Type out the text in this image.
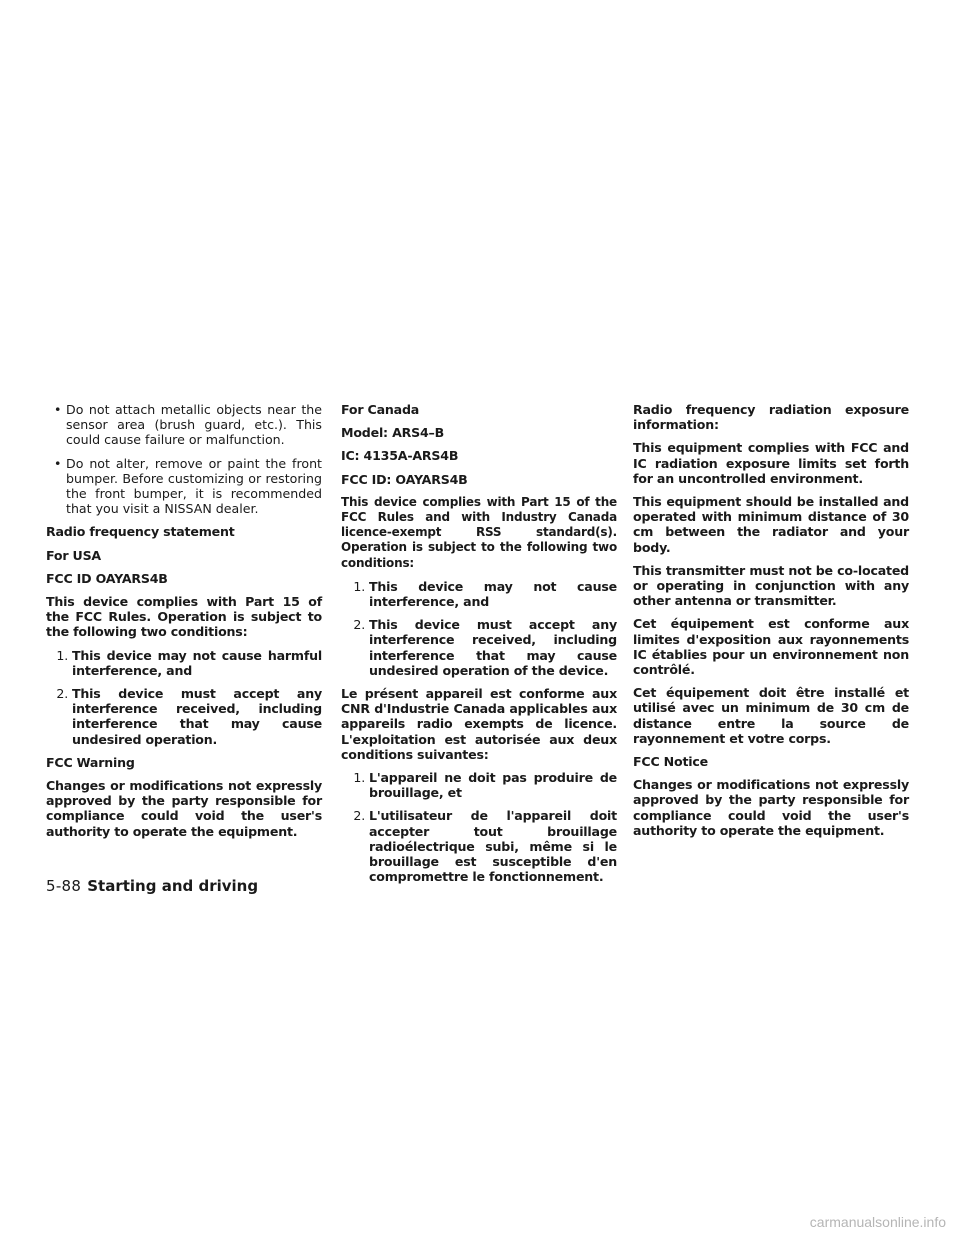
• Do not attach metallic objects near the sensor area (brush guard, etc.). This could cause failure or malfunction.
• Do not alter, remove or paint the front bumper. Before customizing or restoring the front bumper, it is recommended that you visit a NISSAN dealer.

Radio frequency statement

For USA

FCC ID OAYARS4B

This device complies with Part 15 of the FCC Rules. Operation is subject to the following two conditions:

1. This device may not cause harmful interference, and
2. This device must accept any interference received, including interference that may cause undesired operation.

FCC Warning

Changes or modifications not expressly approved by the party responsible for compliance could void the user's authority to operate the equipment.

For Canada

Model: ARS4–B

IC: 4135A-ARS4B

FCC ID: OAYARS4B

This device complies with Part 15 of the FCC Rules and with Industry Canada licence-exempt RSS standard(s). Operation is subject to the following two conditions:

1. This device may not cause interference, and
2. This device must accept any interference received, including interference that may cause undesired operation of the device.

Le présent appareil est conforme aux CNR d'Industrie Canada applicables aux appareils radio exempts de licence. L'exploitation est autorisée aux deux conditions suivantes:

1. L'appareil ne doit pas produire de brouillage, et
2. L'utilisateur de l'appareil doit accepter tout brouillage radioélectrique subi, même si le brouillage est susceptible d'en compromettre le fonctionnement.

Radio frequency radiation exposure information:

This equipment complies with FCC and IC radiation exposure limits set forth for an uncontrolled environment.

This equipment should be installed and operated with minimum distance of 30 cm between the radiator and your body.

This transmitter must not be co-located or operating in conjunction with any other antenna or transmitter.

Cet équipement est conforme aux limites d'exposition aux rayonnements IC établies pour un environnement non contrôlé.

Cet équipement doit être installé et utilisé avec un minimum de 30 cm de distance entre la source de rayonnement et votre corps.

FCC Notice

Changes or modifications not expressly approved by the party responsible for compliance could void the user's authority to operate the equipment.

5-88 Starting and driving
carmanualsonline.info
